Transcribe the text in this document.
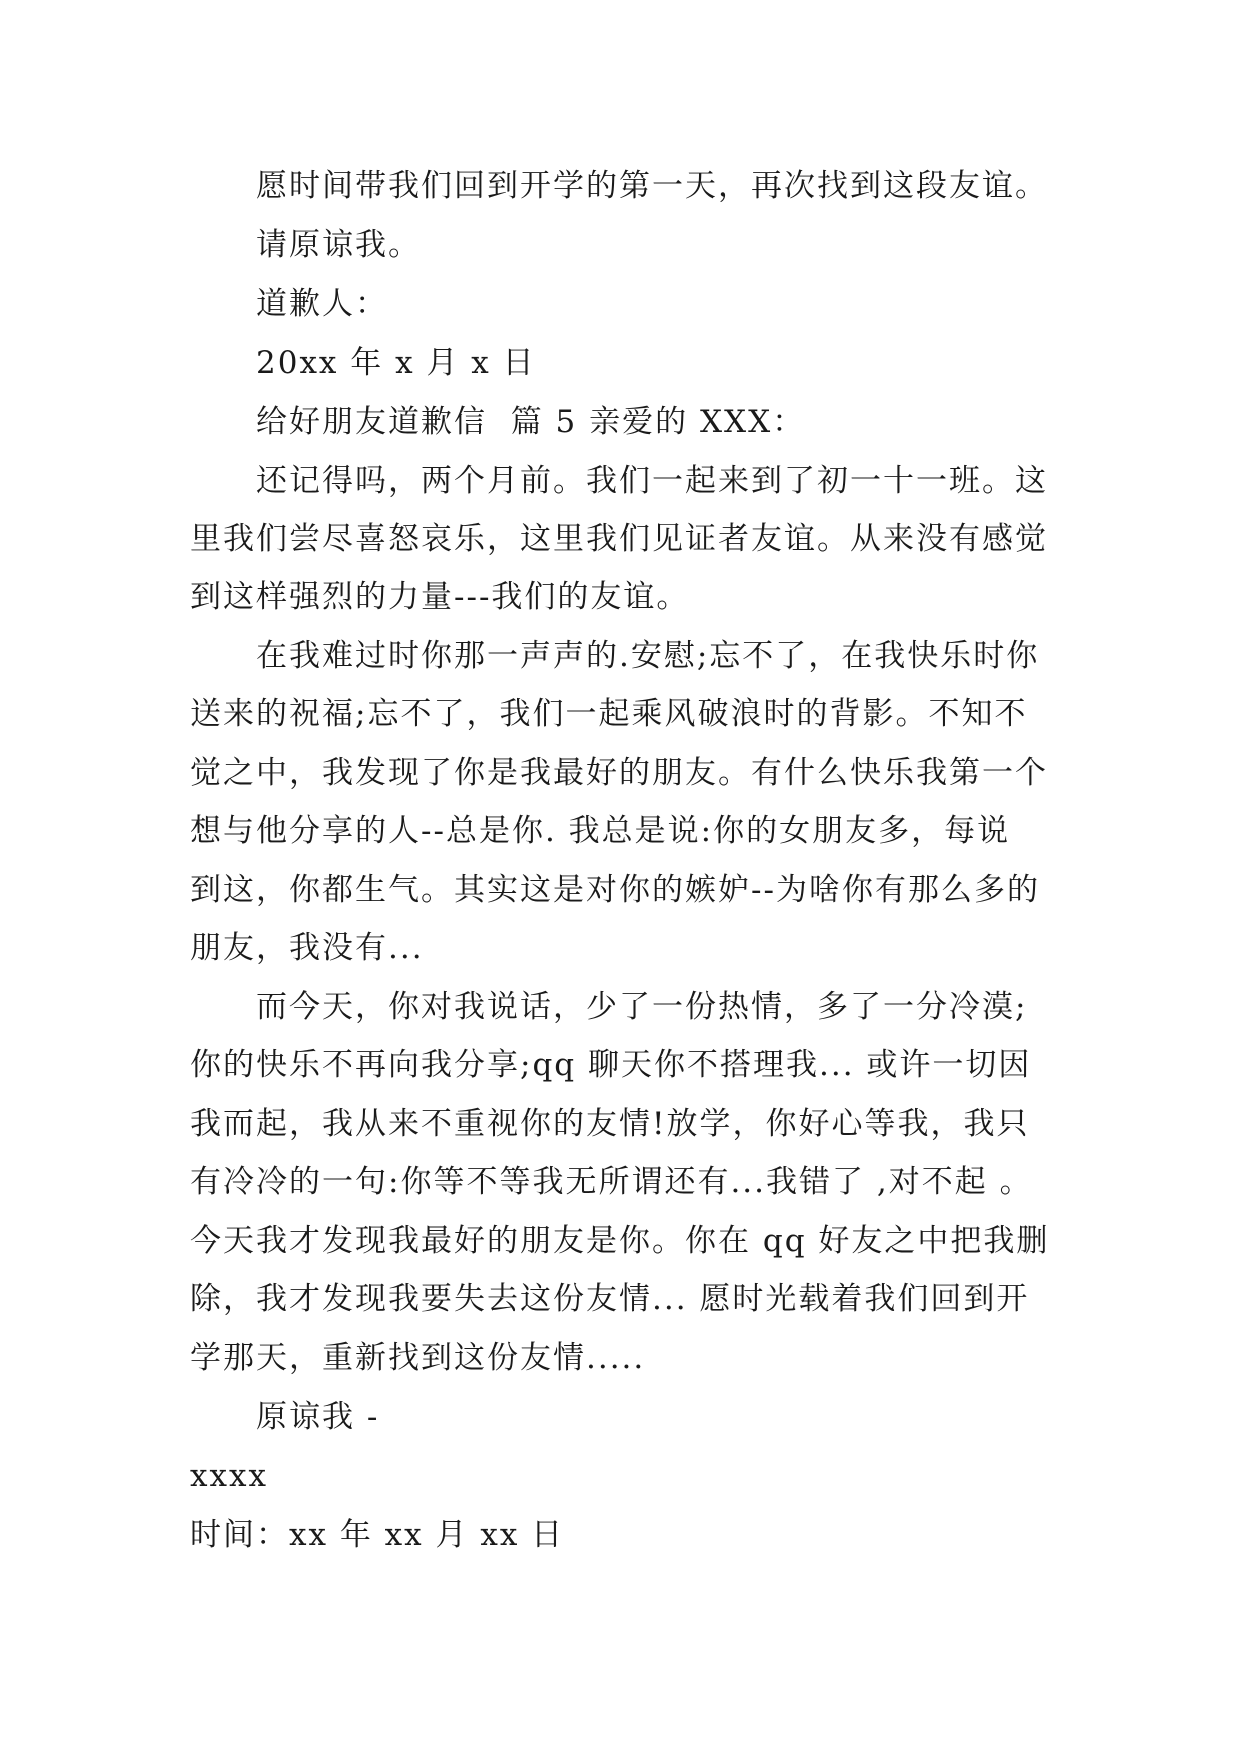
愿时间带我们回到开学的第一天，再次找到这段友谊。
请原谅我。
道歉人：
20xx 年 x 月 x 日
给好朋友道歉信  篇 5 亲爱的 XXX：
还记得吗，两个月前。我们一起来到了初一十一班。这
里我们尝尽喜怒哀乐，这里我们见证者友谊。从来没有感觉
到这样强烈的力量---我们的友谊。
在我难过时你那一声声的.安慰;忘不了，在我快乐时你
送来的祝福;忘不了，我们一起乘风破浪时的背影。不知不
觉之中，我发现了你是我最好的朋友。有什么快乐我第一个
想与他分享的人--总是你. 我总是说:你的女朋友多，每说
到这，你都生气。其实这是对你的嫉妒--为啥你有那么多的
朋友，我没有...
而今天，你对我说话，少了一份热情，多了一分冷漠;
你的快乐不再向我分享;qq 聊天你不搭理我... 或许一切因
我而起，我从来不重视你的友情!放学，你好心等我，我只
有冷冷的一句:你等不等我无所谓还有...我错了 ,对不起 。
今天我才发现我最好的朋友是你。你在 qq 好友之中把我删
除，我才发现我要失去这份友情... 愿时光载着我们回到开
学那天，重新找到这份友情.....
原谅我 -
xxxx
时间：xx 年 xx 月 xx 日
